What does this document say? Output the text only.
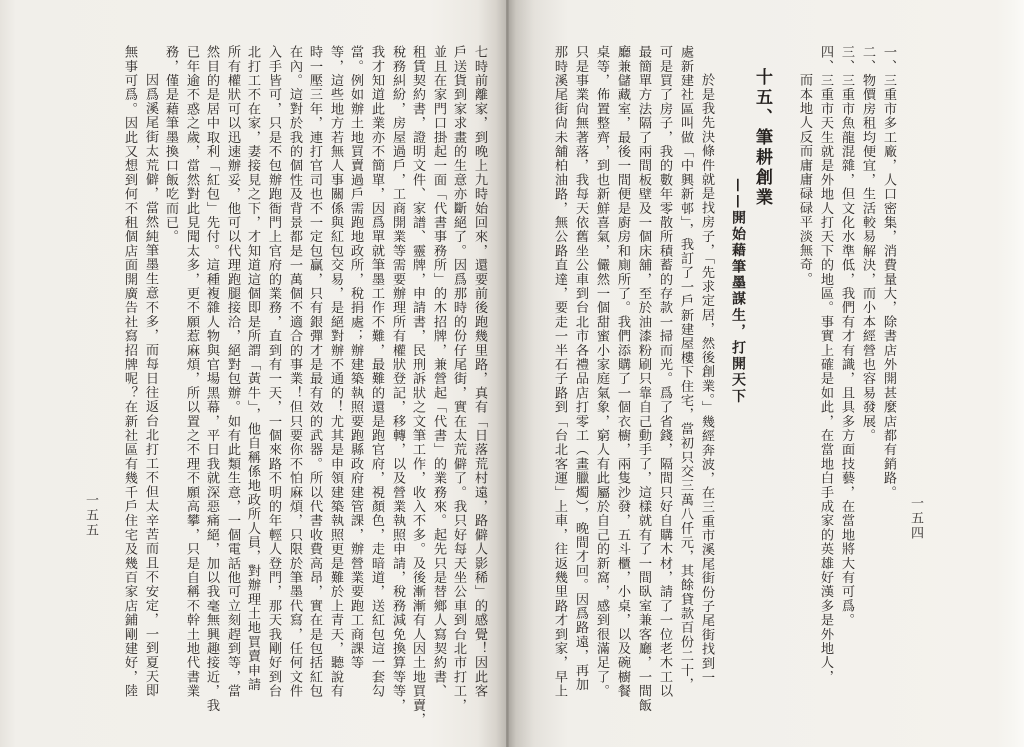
七時前離家，到晚上九時始回來，還要前後跑幾里路，真有「日落荒村遠，路僻人影稀」的感覺！因此客
戶送貨到家求畫的生意亦斷絕了。因爲那時的份仔尾街，實在太荒僻了。我只好每天坐公車到台北市打工，
並且在家門口掛起一面「代書事務所」的木招牌，兼營起「代書」的業務來。起先只是替鄉人寫契約書、
租賃契約書，證明文件、家譜、靈牌，申請書，民刑訴狀之文筆工作，收入不多。及後漸漸有人因土地買賣，
稅務糾紛，房屋過戶，工商開業等需要辦理所有權狀登記，移轉，以及營業執照申請，稅務減免換算等等，
我才知道此業亦不簡單，因爲單就筆墨工作不難，最難的還是跑官府，視顏色，走暗道，送紅包這一套勾
當。例如辦土地買賣過戶需跑地政所，稅捐處；辦建築執照要跑縣政府建管課，辦營業要跑工商課等
等，這些地方若無人事關係與紅包交易，是絕對辦不通的！尤其是申領建築執照更是難於上青天，聽說有
時一壓三年，連打官司也不一定包贏，只有銀彈才是最有效的武器。所以代書收費高昂，實在是包括紅包
在內。這對於我的個性及背景都是一萬個不適合的事業！但只要你不怕麻煩，只限於筆墨代寫，任何文件
入手皆可，只是不包辦跑衙門上官府的業務，直到有一天，一個來路不明的年輕人登門，那天我剛好到台
北打工不在家，妻接見之下，才知道這個即是所謂「黃牛」，他自稱係地政所人員，對辦理土地買賣申請
所有權狀可以迅速辦妥，他可以代理跑腿接洽，絕對包辦。如有此類生意，一個電話他可立刻趕到等，當
然目的是居中取利「紅包」先付。這種複雜人物與官場黑幕，平日我就深惡痛絕，加以我毫無興趣接近，我
已年逾不惑之歲，當然對此見聞太多，更不願惹麻煩，所以置之不理不願高攀，只是自稱不幹土地代書業
務，僅是藉筆墨換口飯吃而已。
因爲溪尾街太荒僻，當然純筆墨生意不多，而每日往返台北打工不但太辛苦而且不安定，一到夏天即
無事可爲。因此又想到何不租個店面開廣告社寫招牌呢？在新社區有幾千戶住宅及幾百家店鋪剛建好，陸
一五五
一、三重市多工廠，人口密集，消費量大，除書店外開甚麼店都有銷路。
二、物價房租均便宜，生活較易解決，而小本經營也容易發展。
三、三重市魚龍混雜，但文化水準低，我們有才有識，且具多方面技藝，在當地將大有可爲。
四、三重市天生就是外地人打天下的地區。事實上確是如此，在當地白手成家的英雄好漢多是外地人，
而本地人反而庸庸碌碌平淡無奇。
十五、筆耕創業
——開始藉筆墨謀生，打開天下
於是我先決條件就是找房子，「先求定居，然後創業。」幾經奔波，在三重市溪尾街份子尾街找到一
處新建社區叫做「中興新邨」，我訂了一戶新建屋樓下住宅，當初只交三萬八仟元，其餘貸款百份二十，
可是買了房子，我的數年零散所積蓄的存款一掃而光。爲了省錢，隔間只好自購木材，請了一位老木工以
最簡單方法隔了兩間板壁及一個床舖，至於油漆粉刷只靠自己動手了，這樣就有了一間臥室兼客廳，一間飯
廳兼儲藏室，最後一間便是廚房和廁所了。我們添購了一個衣櫥，兩隻沙發，五斗櫃，小桌，以及碗櫥餐
桌等，佈置整齊，到也新鮮喜氣，儼然一個甜蜜小家庭氣象，窮人有此屬於自己的新窩，感到很滿足了。
只是事業尙無著落，我每天依舊坐公車到台北市各禮品店打零工（畫臘燭），晚間才回。因爲路遠，再加
那時溪尾街尙未舖柏油路，無公路直達，要走一半石子路到「台北客運」上車，往返幾里路才到家，早上	一五四
